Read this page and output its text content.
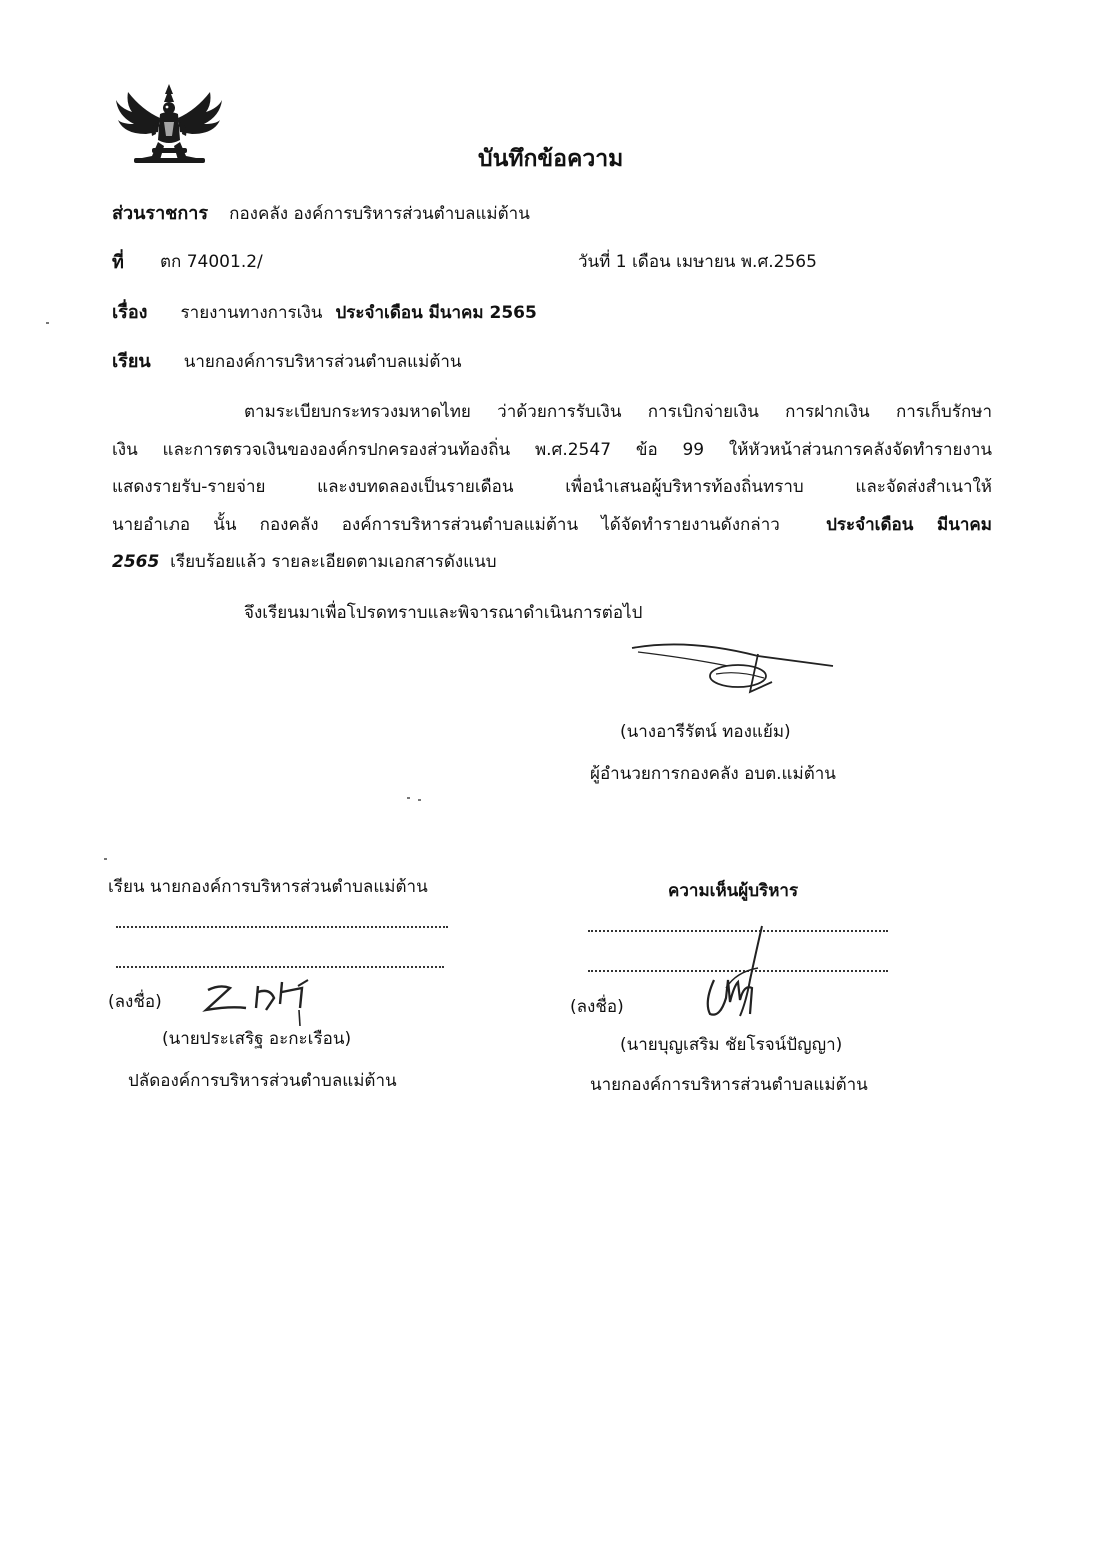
บันทึกข้อความ
ส่วนราชการ กองคลัง องค์การบริหารส่วนตำบลแม่ต้าน
ที่ ตก 74001.2/	วันที่ 1 เดือน เมษายน พ.ศ.2565
เรื่อง รายงานทางการเงิน ประจำเดือน มีนาคม 2565
เรียน นายกองค์การบริหารส่วนตำบลแม่ต้าน
ตามระเบียบกระทรวงมหาดไทย ว่าด้วยการรับเงิน การเบิกจ่ายเงิน การฝากเงิน การเก็บรักษา
เงิน และการตรวจเงินขององค์กรปกครองส่วนท้องถิ่น พ.ศ.2547 ข้อ 99 ให้หัวหน้าส่วนการคลังจัดทำรายงาน
แสดงรายรับ-รายจ่าย และงบทดลองเป็นรายเดือน เพื่อนำเสนอผู้บริหารท้องถิ่นทราบ และจัดส่งสำเนาให้
นายอำเภอ นั้น กองคลัง องค์การบริหารส่วนตำบลแม่ต้าน ได้จัดทำรายงานดังกล่าว	ประจำเดือน มีนาคม
2565 เรียบร้อยแล้ว รายละเอียดตามเอกสารดังแนบ
จึงเรียนมาเพื่อโปรดทราบและพิจารณาดำเนินการต่อไป
(นางอารีรัตน์ ทองแย้ม)
ผู้อำนวยการกองคลัง อบต.แม่ต้าน
เรียน นายกองค์การบริหารส่วนตำบลแม่ต้าน
(ลงชื่อ)
(นายประเสริฐ อะกะเรือน)
ปลัดองค์การบริหารส่วนตำบลแม่ต้าน
ความเห็นผู้บริหาร
(ลงชื่อ)
(นายบุญเสริม ชัยโรจน์ปัญญา)
นายกองค์การบริหารส่วนตำบลแม่ต้าน
